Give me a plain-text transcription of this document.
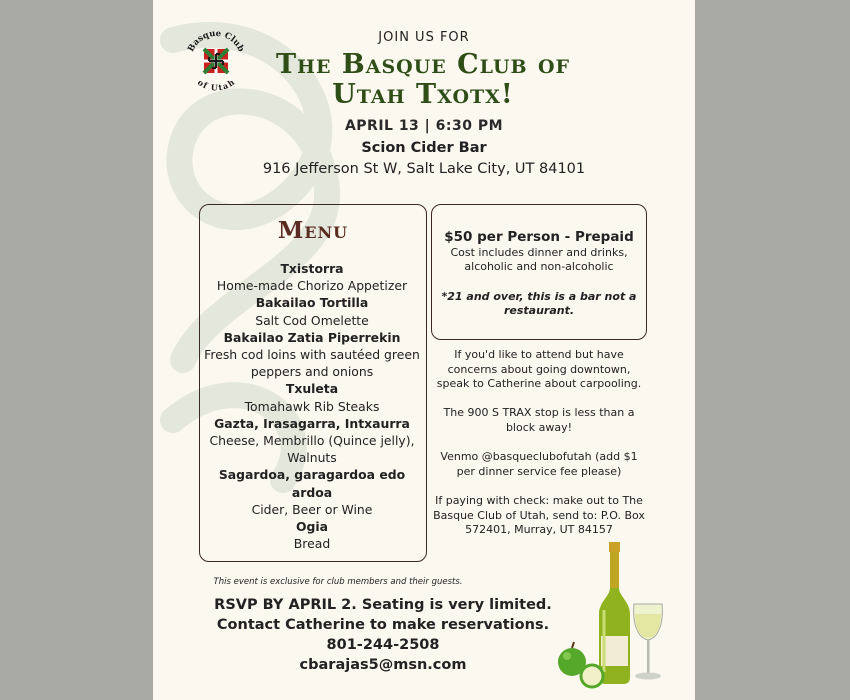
Basque Club
of Utah
JOIN US FOR
The Basque Club of
Utah Txotx!
APRIL 13 | 6:30 PM
Scion Cider Bar
916 Jefferson St W, Salt Lake City, UT 84101
Menu
Txistorra
Home-made Chorizo Appetizer
Bakailao Tortilla
Salt Cod Omelette
Bakailao Zatia Piperrekin
Fresh cod loins with sautéed green peppers and onions
Txuleta
Tomahawk Rib Steaks
Gazta, Irasagarra, Intxaurra
Cheese, Membrillo (Quince jelly), Walnuts
Sagardoa, garagardoa edo ardoa
Cider, Beer or Wine
Ogia
Bread
$50 per Person - Prepaid
Cost includes dinner and drinks, alcoholic and non-alcoholic
*21 and over, this is a bar not a restaurant.
If you'd like to attend but have concerns about going downtown, speak to Catherine about carpooling.
The 900 S TRAX stop is less than a block away!
Venmo @basqueclubofutah (add $1 per dinner service fee please)
If paying with check: make out to The Basque Club of Utah, send to: P.O. Box 572401, Murray, UT 84157
This event is exclusive for club members and their guests.
RSVP BY APRIL 2. Seating is very limited.
Contact Catherine to make reservations.
801-244-2508
cbarajas5@msn.com
